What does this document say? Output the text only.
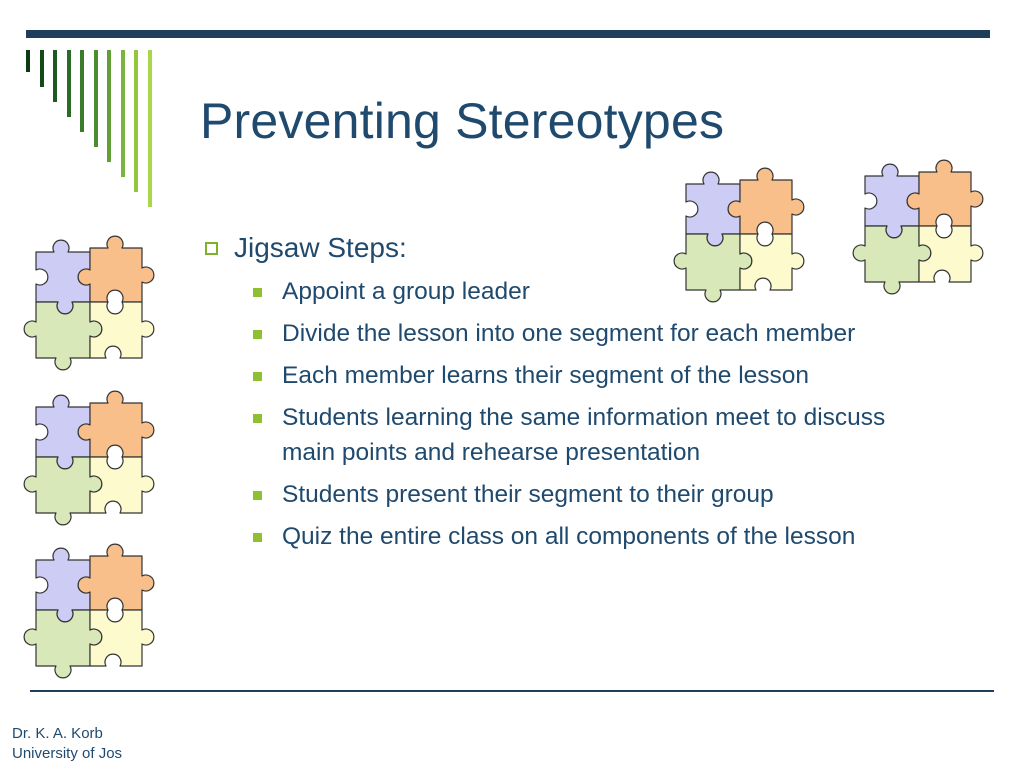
Preventing Stereotypes
Jigsaw Steps:
Appoint a group leader
Divide the lesson into one segment for each member
Each member learns their segment of the lesson
Students learning the same information meet to discuss main points and rehearse presentation
Students present their segment to their group
Quiz the entire class on all components of the lesson
Dr. K. A. Korb
University of Jos
